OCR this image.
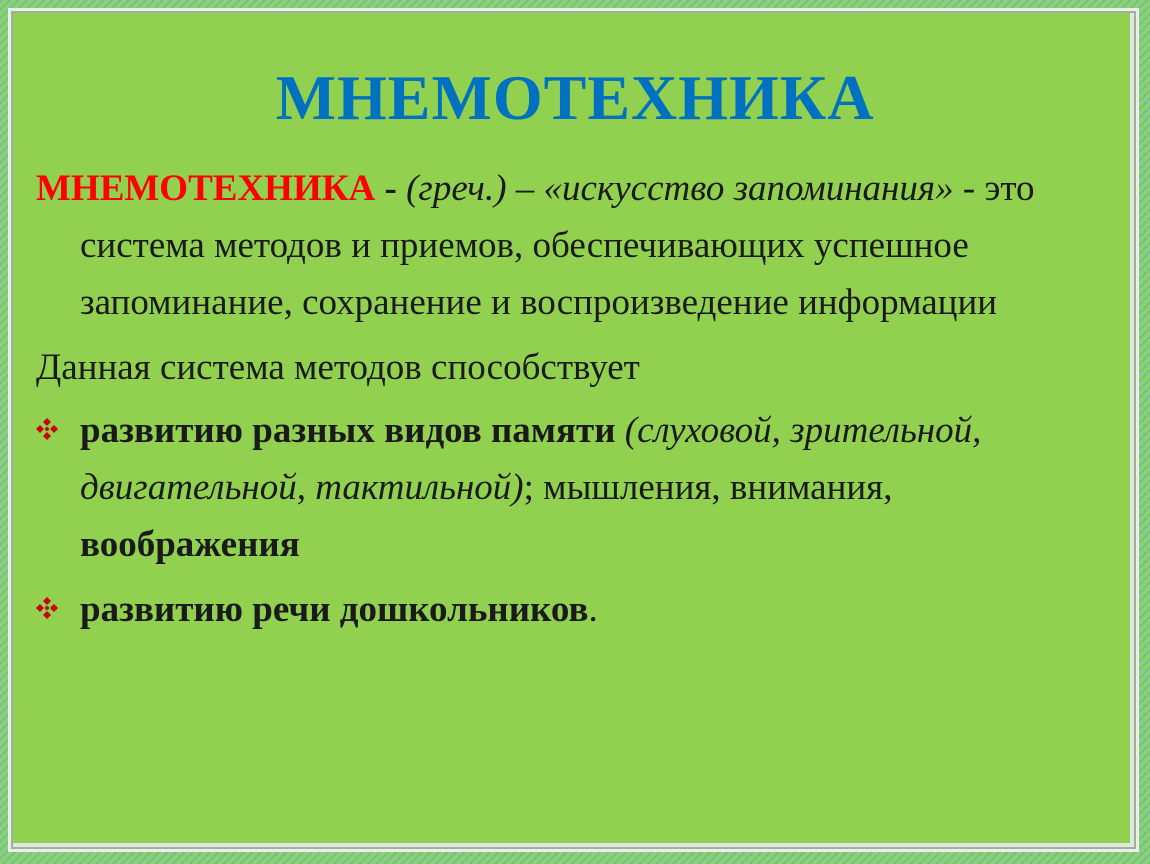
МНЕМОТЕХНИКА

МНЕМОТЕХНИКА - (греч.) – «искусство запоминания» - это система методов и приемов, обеспечивающих успешное запоминание, сохранение и воспроизведение информации

Данная система методов способствует

развитию разных видов памяти (слуховой, зрительной, двигательной, тактильной); мышления, внимания, воображения
развитию речи дошкольников.
